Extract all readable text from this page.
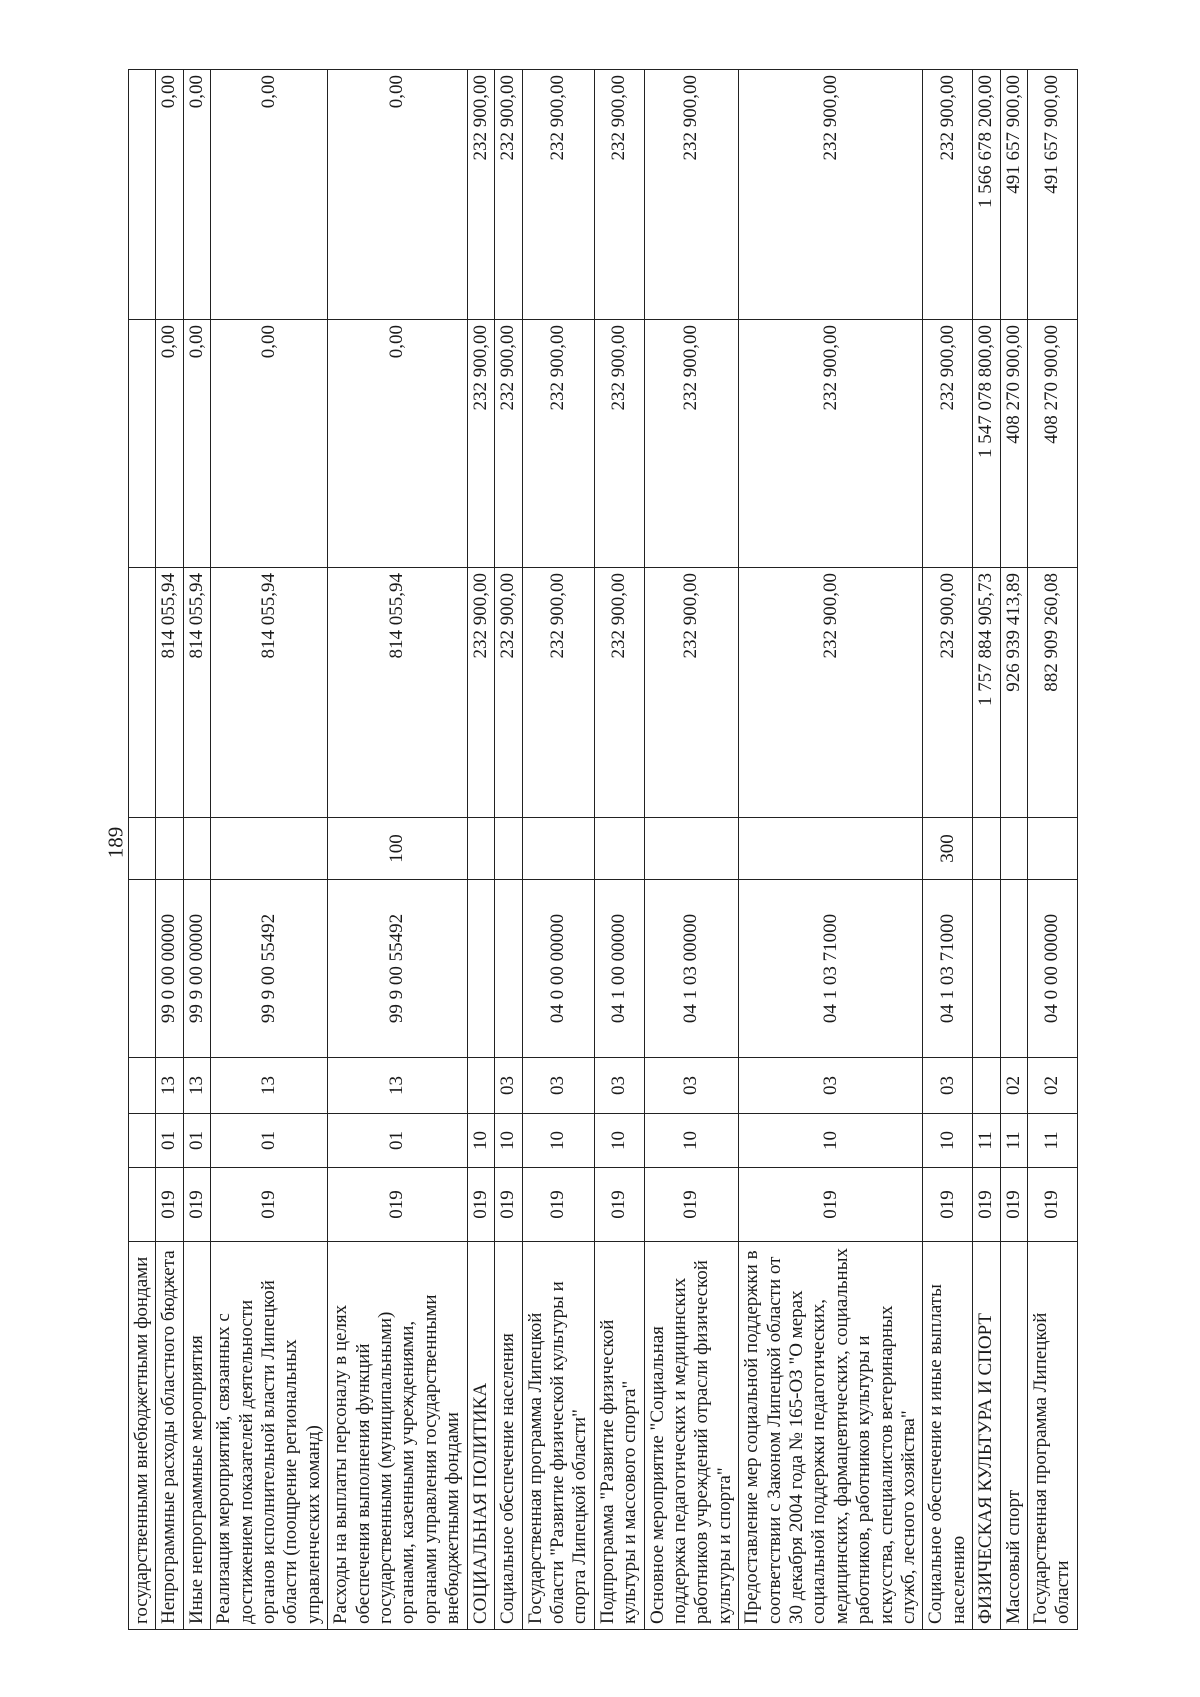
189
государственными внебюджетными фондами								
Непрограммные расходы областного бюджета	019	01	13	99 0 00 00000		814 055,94	0,00	0,00
Иные непрограммные мероприятия	019	01	13	99 9 00 00000		814 055,94	0,00	0,00
Реализация мероприятий, связанных с достижением показателей деятельности органов исполнительной власти Липецкой области (поощрение региональных управленческих команд)	019	01	13	99 9 00 55492		814 055,94	0,00	0,00
Расходы на выплаты персоналу в целях обеспечения выполнения функций государственными (муниципальными) органами, казенными учреждениями, органами управления государственными внебюджетными фондами	019	01	13	99 9 00 55492	100	814 055,94	0,00	0,00
СОЦИАЛЬНАЯ ПОЛИТИКА	019	10				232 900,00	232 900,00	232 900,00
Социальное обеспечение населения	019	10	03			232 900,00	232 900,00	232 900,00
Государственная программа Липецкой области "Развитие физической культуры и спорта Липецкой области"	019	10	03	04 0 00 00000		232 900,00	232 900,00	232 900,00
Подпрограмма "Развитие физической культуры и массового спорта"	019	10	03	04 1 00 00000		232 900,00	232 900,00	232 900,00
Основное мероприятие "Социальная поддержка педагогических и медицинских работников учреждений отрасли физической культуры и спорта"	019	10	03	04 1 03 00000		232 900,00	232 900,00	232 900,00
Предоставление мер социальной поддержки в соответствии с Законом Липецкой области от 30 декабря 2004 года № 165-ОЗ "О мерах социальной поддержки педагогических, медицинских, фармацевтических, социальных работников, работников культуры и искусства, специалистов ветеринарных служб, лесного хозяйства"	019	10	03	04 1 03 71000		232 900,00	232 900,00	232 900,00
Социальное обеспечение и иные выплаты населению	019	10	03	04 1 03 71000	300	232 900,00	232 900,00	232 900,00
ФИЗИЧЕСКАЯ КУЛЬТУРА И СПОРТ	019	11				1 757 884 905,73	1 547 078 800,00	1 566 678 200,00
Массовый спорт	019	11	02			926 939 413,89	408 270 900,00	491 657 900,00
Государственная программа Липецкой области	019	11	02	04 0 00 00000		882 909 260,08	408 270 900,00	491 657 900,00
